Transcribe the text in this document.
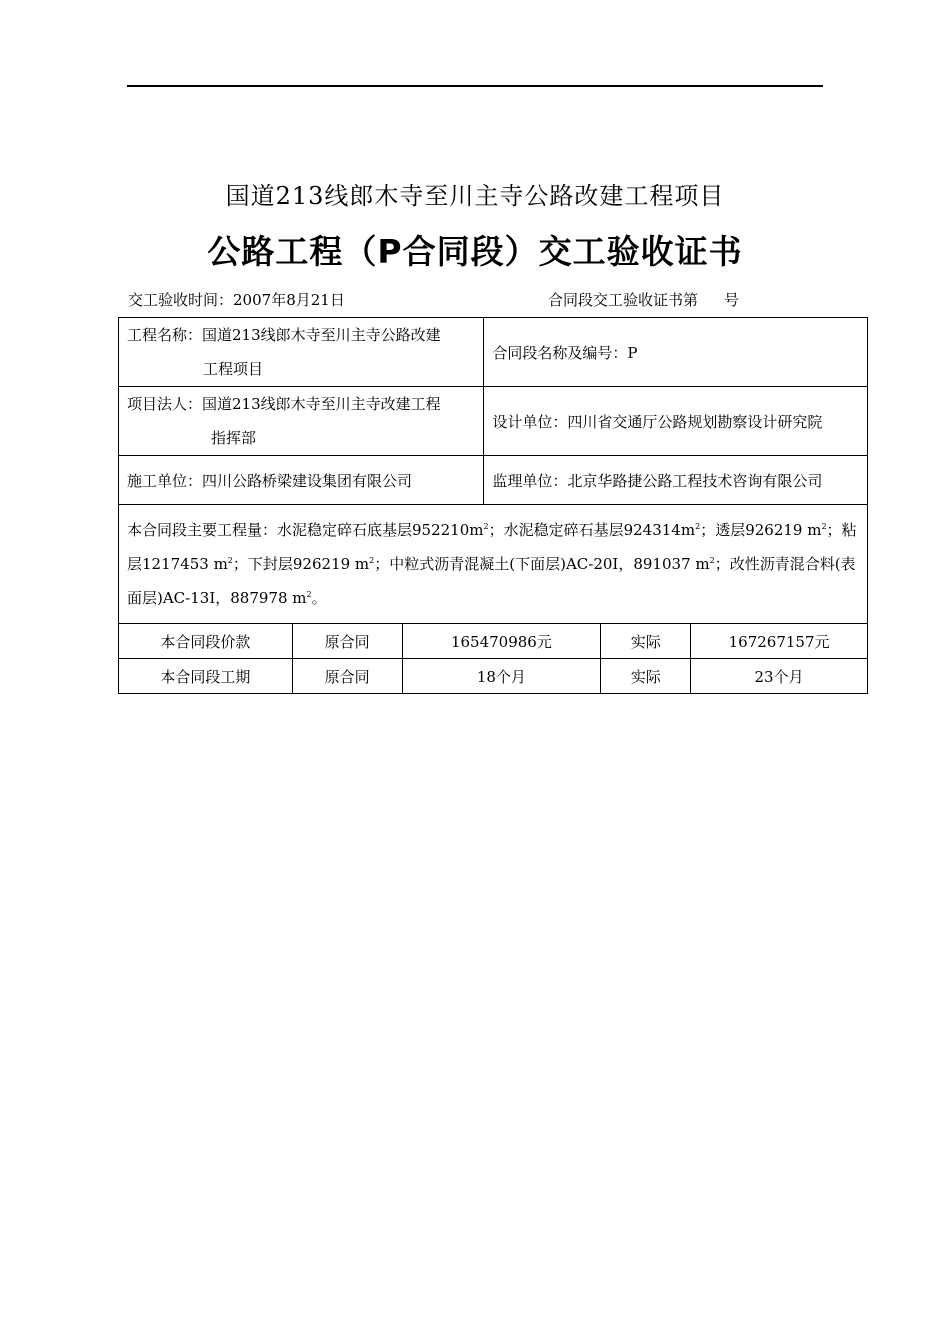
国道213线郎木寺至川主寺公路改建工程项目
公路工程（P合同段）交工验收证书
交工验收时间：2007年8月21日	合同段交工验收证书第 号
工程名称：国道213线郎木寺至川主寺公路改建
工程项目			合同段名称及编号：P		

项目法人：国道213线郎木寺至川主寺改建工程
指挥部			设计单位：四川省交通厅公路规划勘察设计研究院		
施工单位：四川公路桥梁建设集团有限公司			监理单位：北京华路捷公路工程技术咨询有限公司		
本合同段主要工程量：水泥稳定碎石底基层$952210m^2$；水泥稳定碎石基层$924314m^2$；透层926219 $m^2$；粘层1217453 $m^2$；下封层926219 $m^2$；中粒式沥青混凝土(下面层)AC-20I，891037 $m^2$；改性沥青混合料(表面层)AC-13I，887978 $m^2$。					
本合同段价款	原合同	165470986元		实际	167267157元
本合同段工期	原合同	18个月		实际	23个月
